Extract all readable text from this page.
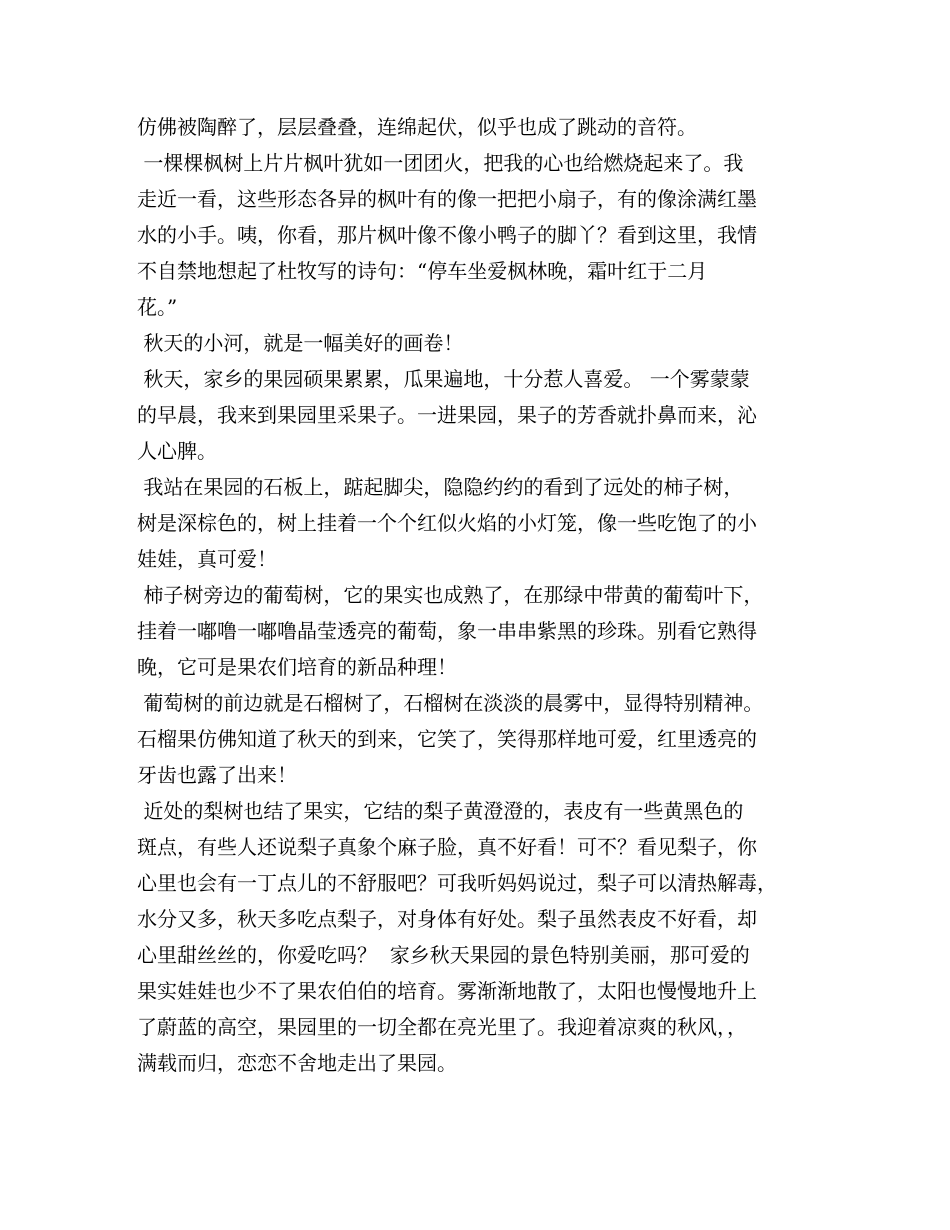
仿佛被陶醉了，层层叠叠，连绵起伏，似乎也成了跳动的音符。
一棵棵枫树上片片枫叶犹如一团团火，把我的心也给燃烧起来了。我
走近一看，这些形态各异的枫叶有的像一把把小扇子，有的像涂满红墨
水的小手。咦，你看，那片枫叶像不像小鸭子的脚丫？看到这里，我情
不自禁地想起了杜牧写的诗句：“停车坐爱枫林晚，霜叶红于二月
花。”
秋天的小河，就是一幅美好的画卷！
秋天，家乡的果园硕果累累，瓜果遍地，十分惹人喜爱。 一个雾蒙蒙
的早晨，我来到果园里采果子。一进果园，果子的芳香就扑鼻而来，沁
人心脾。
我站在果园的石板上，踮起脚尖，隐隐约约的看到了远处的柿子树，
树是深棕色的，树上挂着一个个红似火焰的小灯笼，像一些吃饱了的小
娃娃，真可爱！
柿子树旁边的葡萄树，它的果实也成熟了，在那绿中带黄的葡萄叶下，
挂着一嘟噜一嘟噜晶莹透亮的葡萄，象一串串紫黑的珍珠。别看它熟得
晚，它可是果农们培育的新品种理！
葡萄树的前边就是石榴树了，石榴树在淡淡的晨雾中，显得特别精神。
石榴果仿佛知道了秋天的到来，它笑了，笑得那样地可爱，红里透亮的
牙齿也露了出来！
近处的梨树也结了果实，它结的梨子黄澄澄的，表皮有一些黄黑色的
斑点，有些人还说梨子真象个麻子脸，真不好看！可不？看见梨子，你
心里也会有一丁点儿的不舒服吧？可我听妈妈说过，梨子可以清热解毒，
水分又多，秋天多吃点梨子，对身体有好处。梨子虽然表皮不好看，却
心里甜丝丝的，你爱吃吗？  家乡秋天果园的景色特别美丽，那可爱的
果实娃娃也少不了果农伯伯的培育。雾渐渐地散了，太阳也慢慢地升上
了蔚蓝的高空，果园里的一切全都在亮光里了。我迎着凉爽的秋风，，
满载而归，恋恋不舍地走出了果园。
